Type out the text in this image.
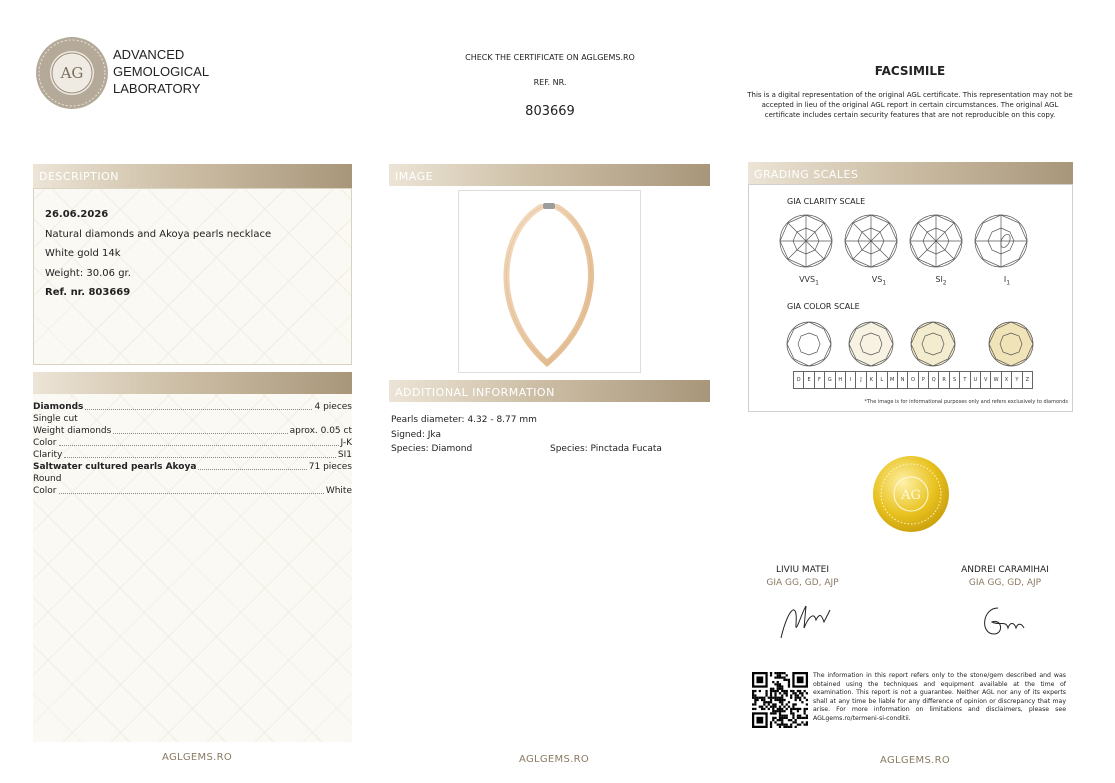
AG
ADVANCED
GEMOLOGICAL
LABORATORY
CHECK THE CERTIFICATE ON AGLGEMS.RO
REF. NR.
803669
FACSIMILE
This is a digital representation of the original AGL certificate. This representation may not be accepted in lieu of the original AGL report in certain circumstances. The original AGL certificate includes certain security features that are not reproducible on this copy.
DESCRIPTION
26.06.2026
Natural diamonds and Akoya pearls necklace
White gold 14k
Weight: 30.06 gr.
Ref. nr. 803669
Diamonds	4 pieces
Single cut
Weight diamonds	aprox. 0.05 ct
Color	J-K
Clarity	SI1
Saltwater cultured pearls Akoya	71 pieces
Round
Color	White
IMAGE
ADDITIONAL INFORMATION
Pearls diameter: 4.32 - 8.77 mm
Signed: Jka
Species: Diamond	Species: Pinctada Fucata
GRADING SCALES
GIA CLARITY SCALE
$VVS_1$	$VS_1$	$SI_2$	$I_1$
GIA COLOR SCALE
D	E	F	G	H	I	J	K	L	M	N	O	P	Q	R	S	T	U	V	W	X	Y	Z
*The image is for informational purposes only and refers exclusively to diamonds
AG
LIVIU MATEI
GIA GG, GD, AJP
ANDREI CARAMIHAI
GIA GG, GD, AJP
The information in this report refers only to the stone/gem described and was obtained using the techniques and equipment available at the time of examination. This report is not a guarantee. Neither AGL nor any of its experts shall at any time be liable for any difference of opinion or discrepancy that may arise. For more information on limitations and disclaimers, please see AGLgems.ro/termeni-si-conditii.
AGLGEMS.RO	AGLGEMS.RO	AGLGEMS.RO
